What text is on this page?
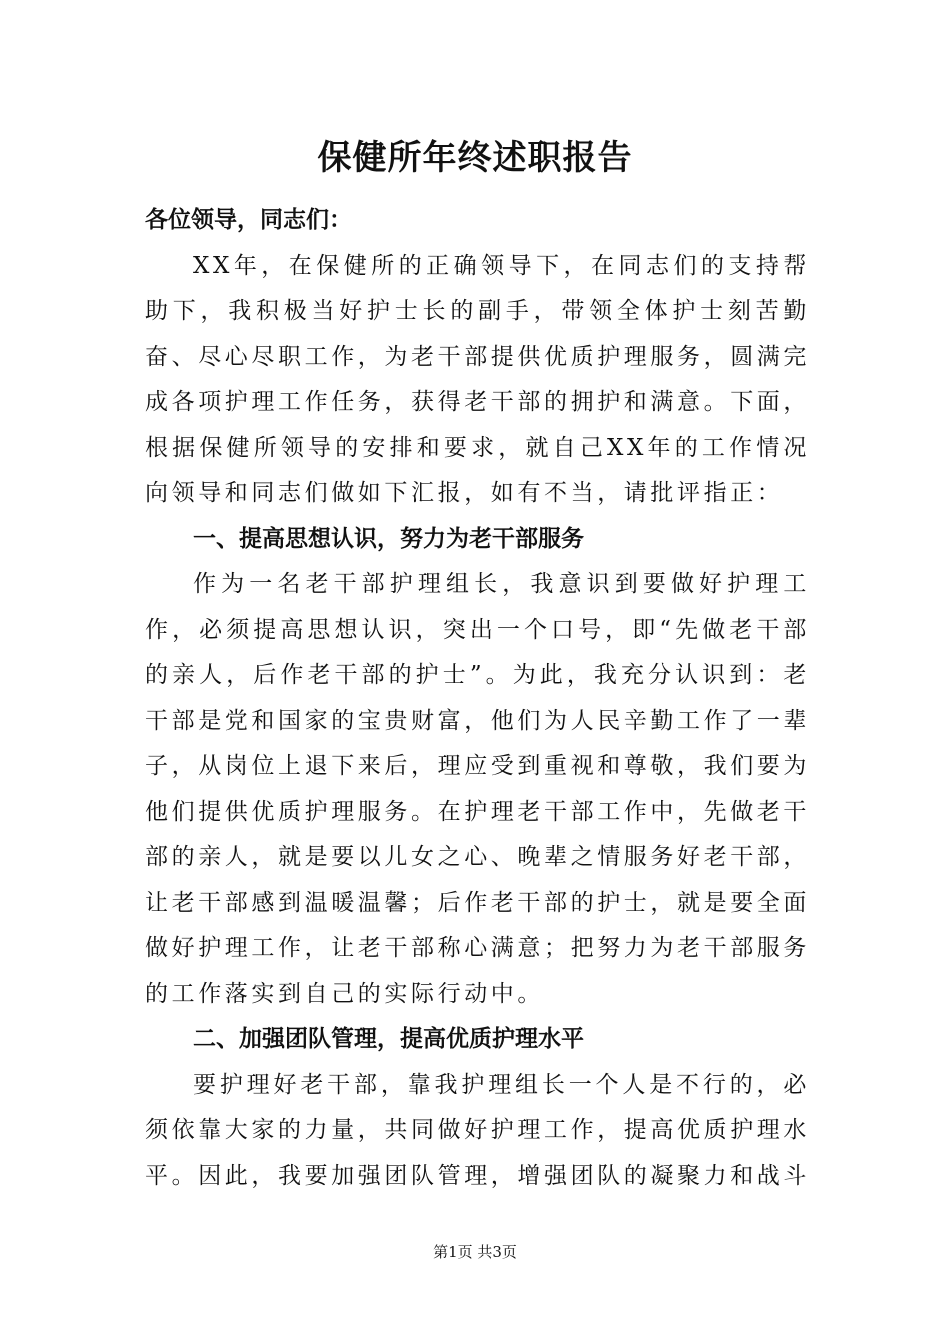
保健所年终述职报告

各位领导，同志们：

XX年，在保健所的正确领导下，在同志们的支持帮助下，我积极当好护士长的副手，带领全体护士刻苦勤奋、尽心尽职工作，为老干部提供优质护理服务，圆满完成各项护理工作任务，获得老干部的拥护和满意。下面，根据保健所领导的安排和要求，就自己XX年的工作情况向领导和同志们做如下汇报，如有不当，请批评指正：

一、提高思想认识，努力为老干部服务

作为一名老干部护理组长，我意识到要做好护理工作，必须提高思想认识，突出一个口号，即“先做老干部的亲人，后作老干部的护士”。为此，我充分认识到：老干部是党和国家的宝贵财富，他们为人民辛勤工作了一辈子，从岗位上退下来后，理应受到重视和尊敬，我们要为他们提供优质护理服务。在护理老干部工作中，先做老干部的亲人，就是要以儿女之心、晚辈之情服务好老干部，让老干部感到温暖温馨；后作老干部的护士，就是要全面做好护理工作，让老干部称心满意；把努力为老干部服务的工作落实到自己的实际行动中。

二、加强团队管理，提高优质护理水平

要护理好老干部，靠我护理组长一个人是不行的，必须依靠大家的力量，共同做好护理工作，提高优质护理水平。因此，我要加强团队管理，增强团队的凝聚力和战斗

第1页 共3页
